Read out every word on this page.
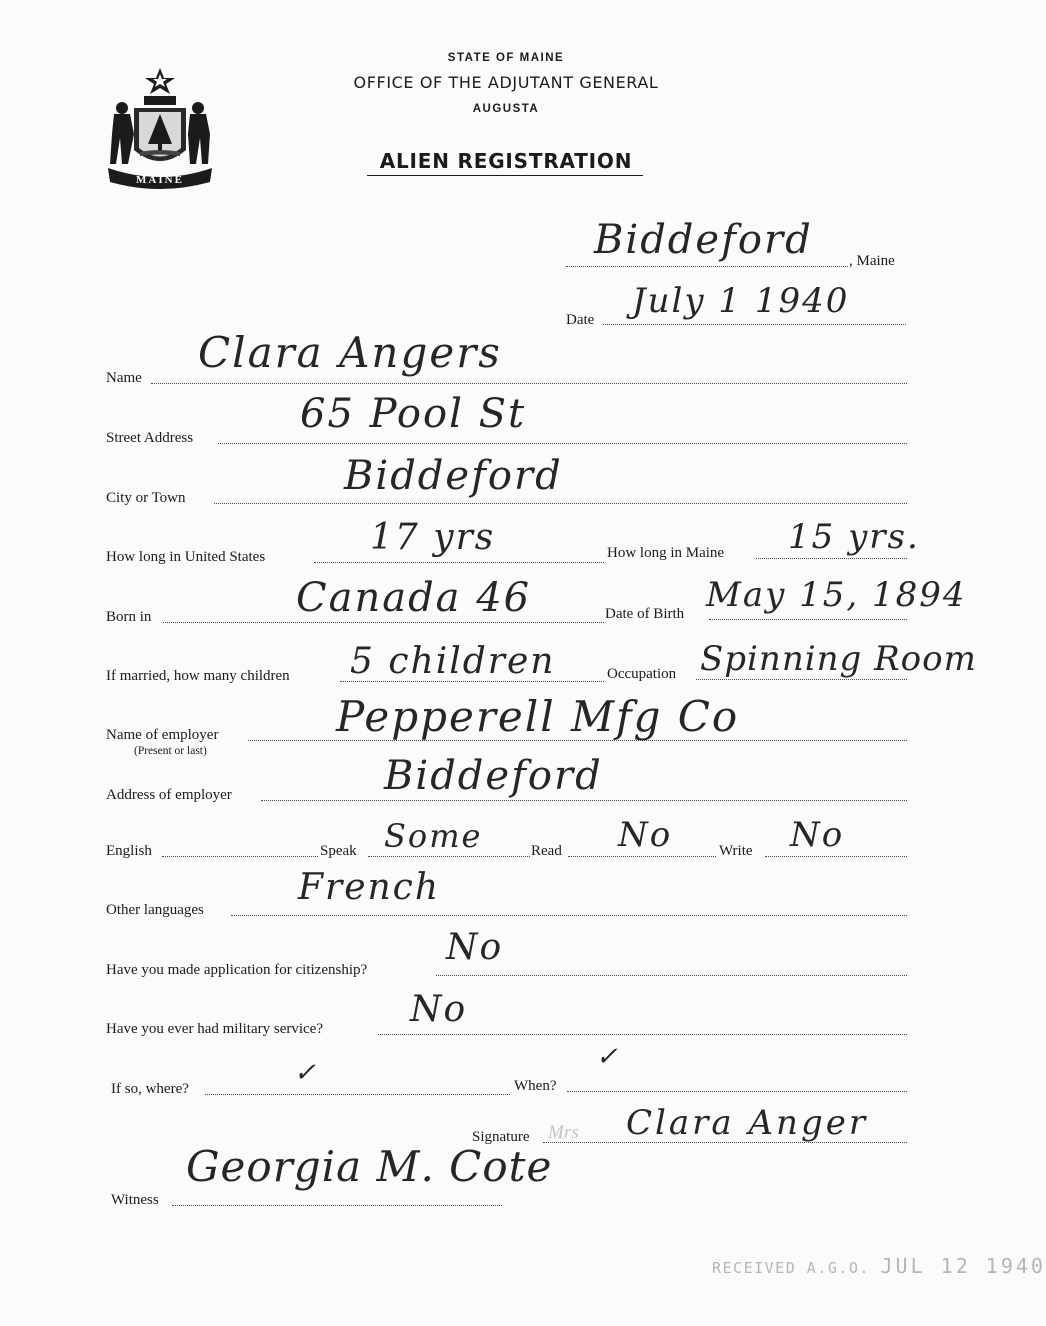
MAINE
STATE OF MAINE
OFFICE OF THE ADJUTANT GENERAL
AUGUSTA
ALIEN REGISTRATION
Biddeford , Maine
Date July 1 1940
Name
Clara Angers
Street Address
65 Pool St
City or Town	Biddeford
How long in United States	17 yrs	How long in Maine 15 yrs.
Born in	Canada 46	Date of Birth May 15, 1894
If married, how many children 5 children	Occupation Spinning Room
Name of employer
(Present or last)
Pepperell Mfg Co
Address of employer	Biddeford
English	Speak Some	Read No	Write No
Other languages
French
Have you made application for citizenship?
No
Have you ever had military service? No
If so, where?
✓	When?
✓
Signature Mrs Clara Anger
Witness
Georgia M. Cote
RECEIVED A.G.O. JUL 12 1940
